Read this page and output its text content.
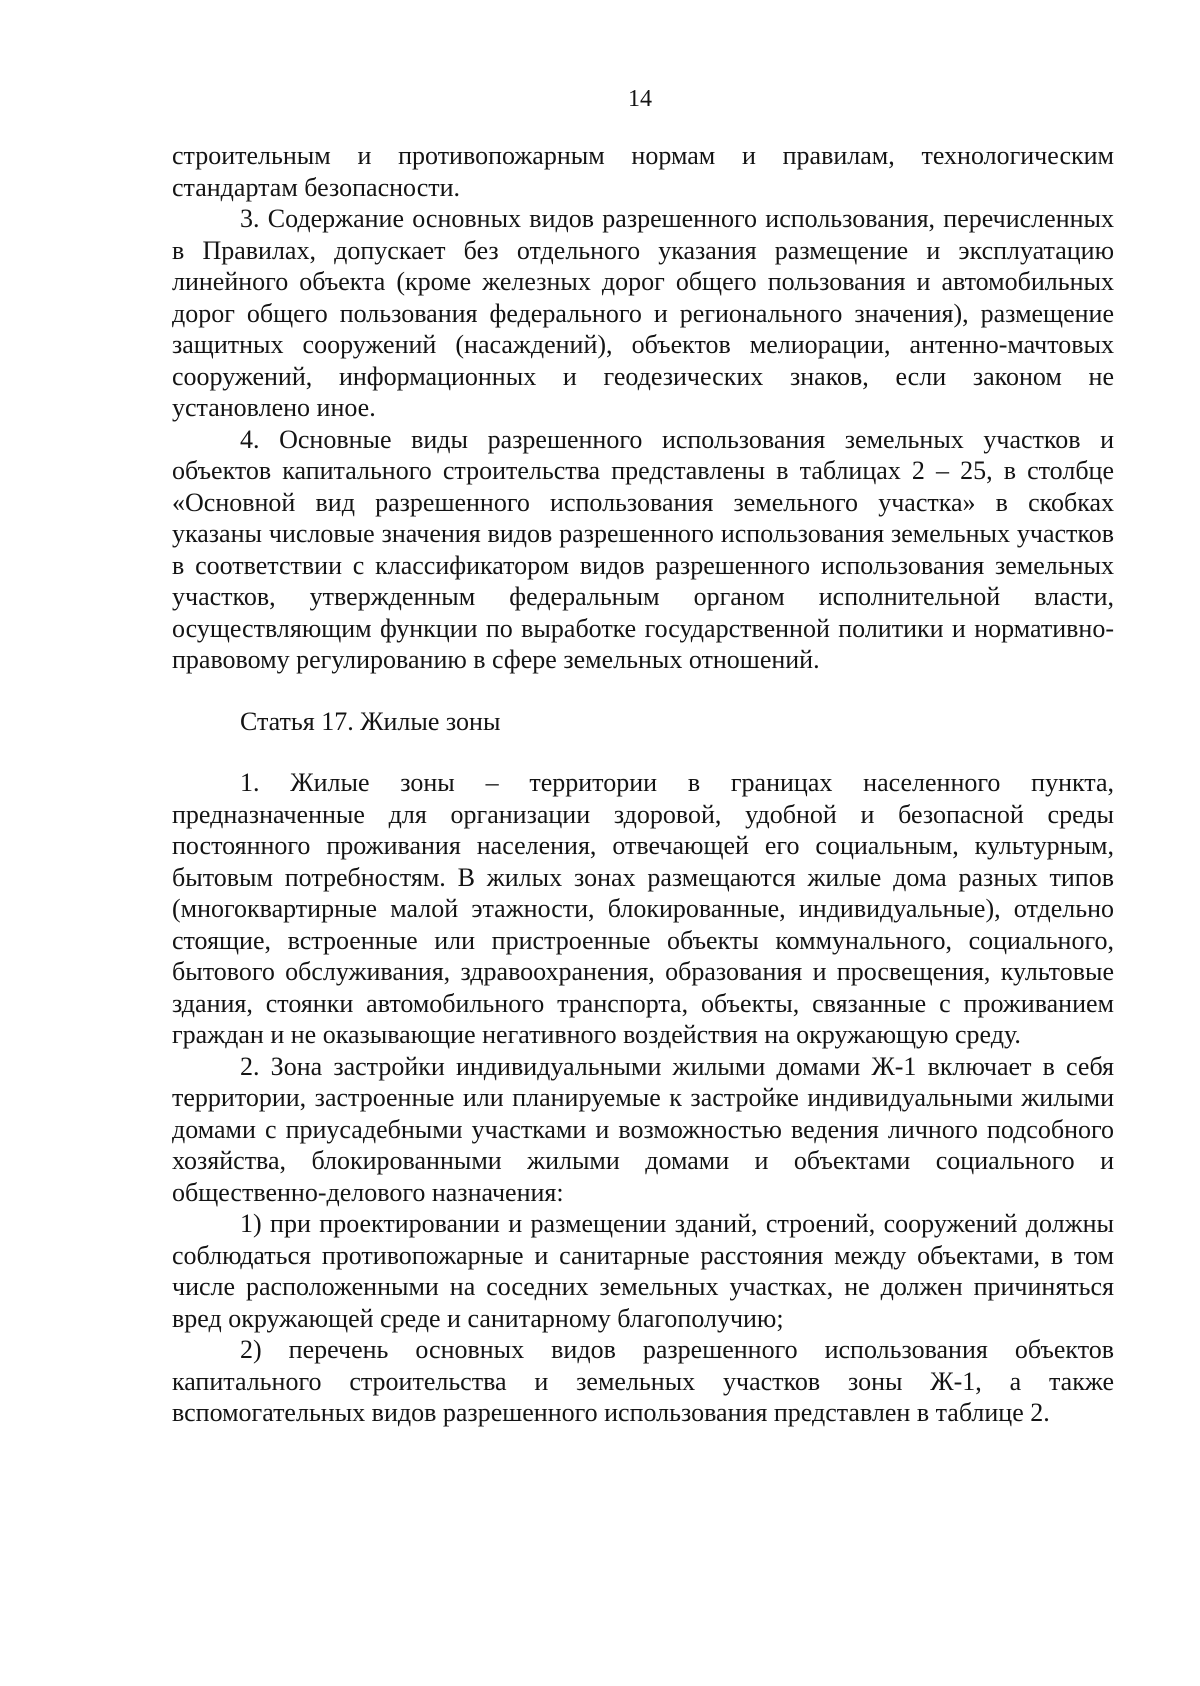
14

строительным и противопожарным нормам и правилам, технологическим стандартам безопасности.

3. Содержание основных видов разрешенного использования, перечисленных в Правилах, допускает без отдельного указания размещение и эксплуатацию линейного объекта (кроме железных дорог общего пользования и автомобильных дорог общего пользования федерального и регионального значения), размещение защитных сооружений (насаждений), объектов мелиорации, антенно-мачтовых сооружений, информационных и геодезических знаков, если законом не установлено иное.

4. Основные виды разрешенного использования земельных участков и объектов капитального строительства представлены в таблицах 2 – 25, в столбце «Основной вид разрешенного использования земельного участка» в скобках указаны числовые значения видов разрешенного использования земельных участков в соответствии с классификатором видов разрешенного использования земельных участков, утвержденным федеральным органом исполнительной власти, осуществляющим функции по выработке государственной политики и нормативно-правовому регулированию в сфере земельных отношений.

Статья 17. Жилые зоны

1. Жилые зоны – территории в границах населенного пункта, предназначенные для организации здоровой, удобной и безопасной среды постоянного проживания населения, отвечающей его социальным, культурным, бытовым потребностям. В жилых зонах размещаются жилые дома разных типов (многоквартирные малой этажности, блокированные, индивидуальные), отдельно стоящие, встроенные или пристроенные объекты коммунального, социального, бытового обслуживания, здравоохранения, образования и просвещения, культовые здания, стоянки автомобильного транспорта, объекты, связанные с проживанием граждан и не оказывающие негативного воздействия на окружающую среду.

2. Зона застройки индивидуальными жилыми домами Ж-1 включает в себя территории, застроенные или планируемые к застройке индивидуальными жилыми домами с приусадебными участками и возможностью ведения личного подсобного хозяйства, блокированными жилыми домами и объектами социального и общественно-делового назначения:

1) при проектировании и размещении зданий, строений, сооружений должны соблюдаться противопожарные и санитарные расстояния между объектами, в том числе расположенными на соседних земельных участках, не должен причиняться вред окружающей среде и санитарному благополучию;

2) перечень основных видов разрешенного использования объектов капитального строительства и земельных участков зоны Ж-1, а также вспомогательных видов разрешенного использования представлен в таблице 2.
